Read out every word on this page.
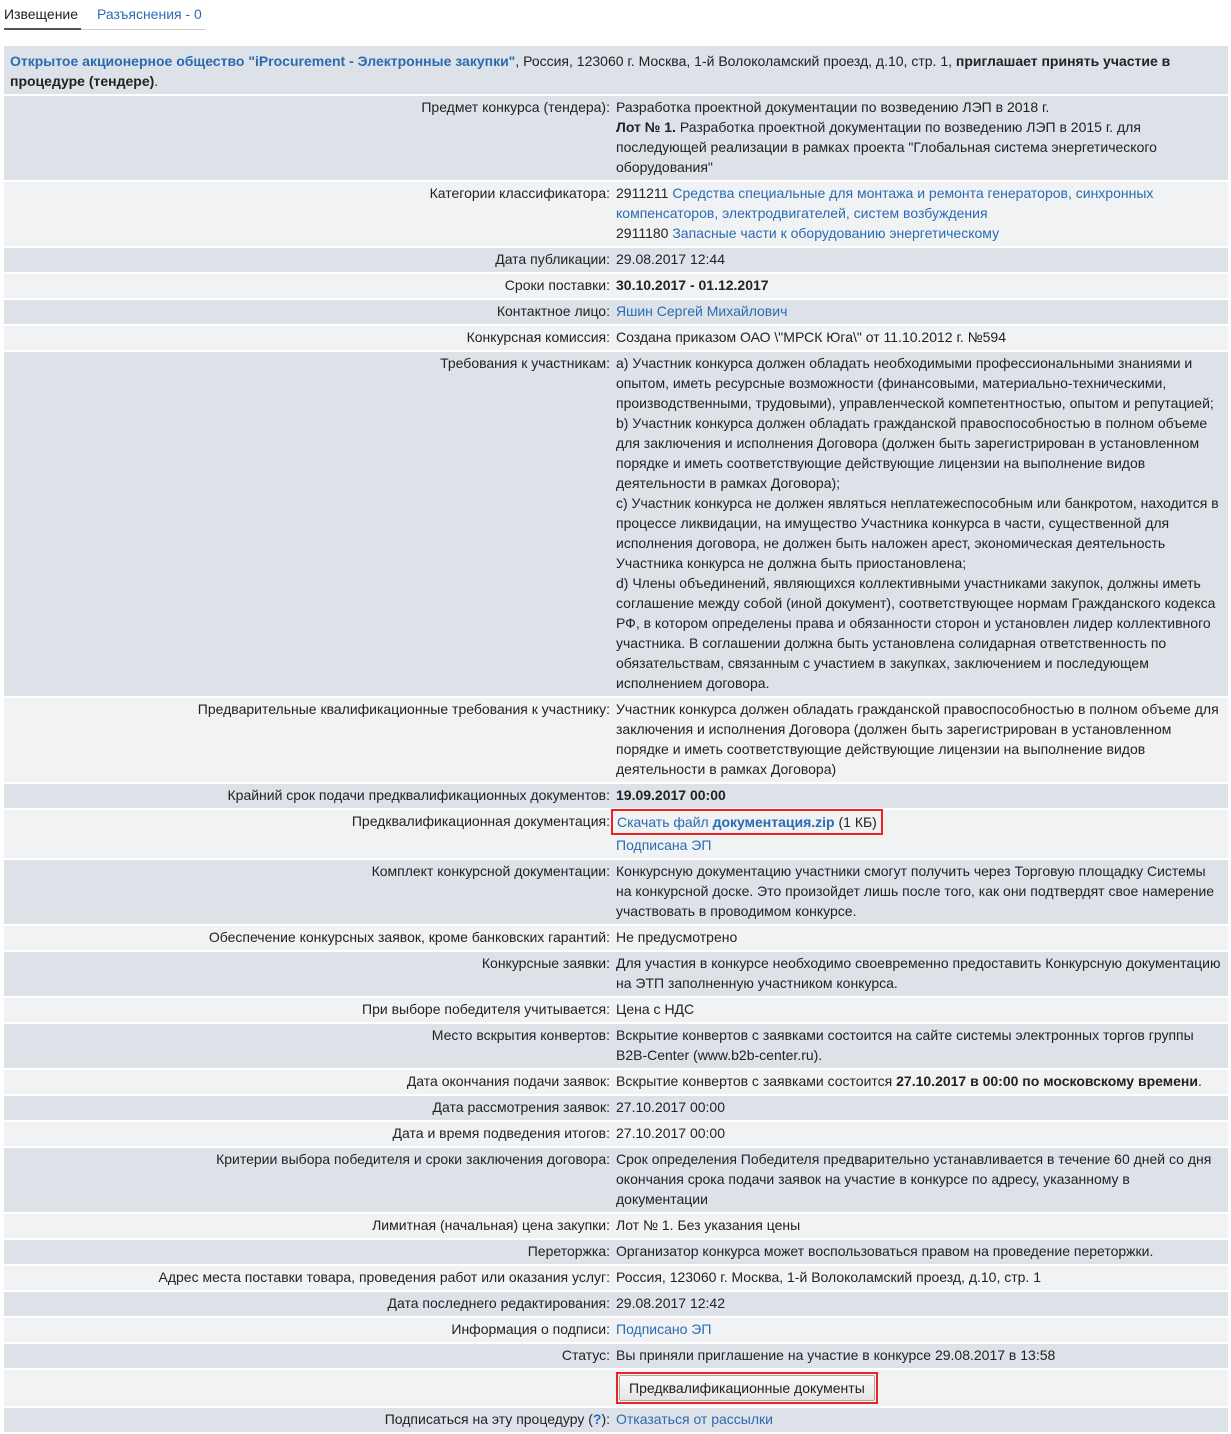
Извещение Разъяснения - 0
Открытое акционерное общество "iProcurement - Электронные закупки", Россия, 123060 г. Москва, 1-й Волоколамский проезд, д.10, стр. 1, приглашает принять участие в процедуре (тендере).	
Предмет конкурса (тендера):	Разработка проектной документации по возведению ЛЭП в 2018 г.
Лот № 1. Разработка проектной документации по возведению ЛЭП в 2015 г. для последующей реализации в рамках проекта "Глобальная система энергетического оборудования"
Категории классификатора:	2911211 Средства специальные для монтажа и ремонта генераторов, синхронных компенсаторов, электродвигателей, систем возбуждения
2911180 Запасные части к оборудованию энергетическому
Дата публикации:	29.08.2017 12:44
Сроки поставки:	30.10.2017 - 01.12.2017
Контактное лицо:	Яшин Сергей Михайлович
Конкурсная комиссия:	Создана приказом ОАО \"МРСК Юга\" от 11.10.2012 г. №594
Требования к участникам:	a) Участник конкурса должен обладать необходимыми профессиональными знаниями и опытом, иметь ресурсные возможности (финансовыми, материально-техническими, производственными, трудовыми), управленческой компетентностью, опытом и репутацией;
b) Участник конкурса должен обладать гражданской правоспособностью в полном объеме для заключения и исполнения Договора (должен быть зарегистрирован в установленном порядке и иметь соответствующие действующие лицензии на выполнение видов деятельности в рамках Договора);
c) Участник конкурса не должен являться неплатежеспособным или банкротом, находится в процессе ликвидации, на имущество Участника конкурса в части, существенной для исполнения договора, не должен быть наложен арест, экономическая деятельность Участника конкурса не должна быть приостановлена;
d) Члены объединений, являющихся коллективными участниками закупок, должны иметь соглашение между собой (иной документ), соответствующее нормам Гражданского кодекса РФ, в котором определены права и обязанности сторон и установлен лидер коллективного участника. В соглашении должна быть установлена солидарная ответственность по обязательствам, связанным с участием в закупках, заключением и последующем исполнением договора.

Предварительные квалификационные требования к участнику:	Участник конкурса должен обладать гражданской правоспособностью в полном объеме для заключения и исполнения Договора (должен быть зарегистрирован в установленном порядке и иметь соответствующие действующие лицензии на выполнение видов деятельности в рамках Договора)
Крайний срок подачи предквалификационных документов:	19.09.2017 00:00
Предквалификационная документация:	Скачать файл документация.zip (1 КБ)
Подписана ЭП
Комплект конкурсной документации:	Конкурсную документацию участники смогут получить через Торговую площадку Системы на конкурсной доске. Это произойдет лишь после того, как они подтвердят свое намерение участвовать в проводимом конкурсе.
Обеспечение конкурсных заявок, кроме банковских гарантий:	Не предусмотрено
Конкурсные заявки:	Для участия в конкурсе необходимо своевременно предоставить Конкурсную документацию на ЭТП заполненную участником конкурса.
При выборе победителя учитывается:	Цена с НДС
Место вскрытия конвертов:	Вскрытие конвертов с заявками состоится на сайте системы электронных торгов группы B2B-Center (www.b2b-center.ru).
Дата окончания подачи заявок:	Вскрытие конвертов с заявками состоится 27.10.2017 в 00:00 по московскому времени.
Дата рассмотрения заявок:	27.10.2017 00:00
Дата и время подведения итогов:	27.10.2017 00:00
Критерии выбора победителя и сроки заключения договора:	Срок определения Победителя предварительно устанавливается в течение 60 дней со дня окончания срока подачи заявок на участие в конкурсе по адресу, указанному в документации
Лимитная (начальная) цена закупки:	Лот № 1. Без указания цены
Переторжка:	Организатор конкурса может воспользоваться правом на проведение переторжки.
Адрес места поставки товара, проведения работ или оказания услуг:	Россия, 123060 г. Москва, 1-й Волоколамский проезд, д.10, стр. 1
Дата последнего редактирования:	29.08.2017 12:42
Информация о подписи:	Подписано ЭП
Статус:	Вы приняли приглашение на участие в конкурсе 29.08.2017 в 13:58
	Предквалификационные документы
Подписаться на эту процедуру (?):	Отказаться от рассылки
